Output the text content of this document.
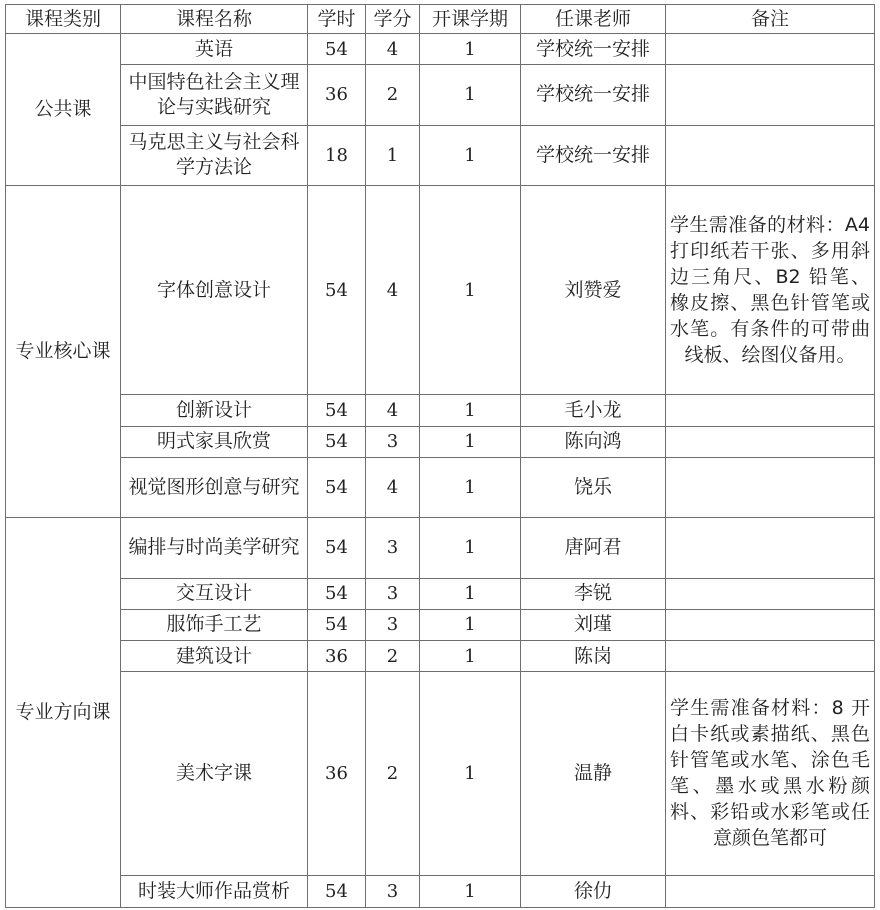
课程类别	课程名称	学时	学分	开课学期	任课老师	备注
公共课	英语	54	4	1	学校统一安排	
	中国特色社会主义理论与实践研究	36	2	1	学校统一安排	
	马克思主义与社会科学方法论	18	1	1	学校统一安排	
专业核心课	字体创意设计	54	4	1	刘赞爱	学生需准备的材料：A4 打印纸若干张、多用斜边三角尺、B2 铅笔、橡皮擦、黑色针管笔或水笔。有条件的可带曲线板、绘图仪备用。
	创新设计	54	4	1	毛小龙	
	明式家具欣赏	54	3	1	陈向鸿	
	视觉图形创意与研究	54	4	1	饶乐	
专业方向课	编排与时尚美学研究	54	3	1	唐阿君	
	交互设计	54	3	1	李锐	
	服饰手工艺	54	3	1	刘瑾	
	建筑设计	36	2	1	陈岗	
	美术字课	36	2	1	温静	学生需准备材料：8 开白卡纸或素描纸、黑色针管笔或水笔、涂色毛笔、墨水或黑水粉颜料、彩铅或水彩笔或任意颜色笔都可
	时装大师作品赏析	54	3	1	徐仂	
